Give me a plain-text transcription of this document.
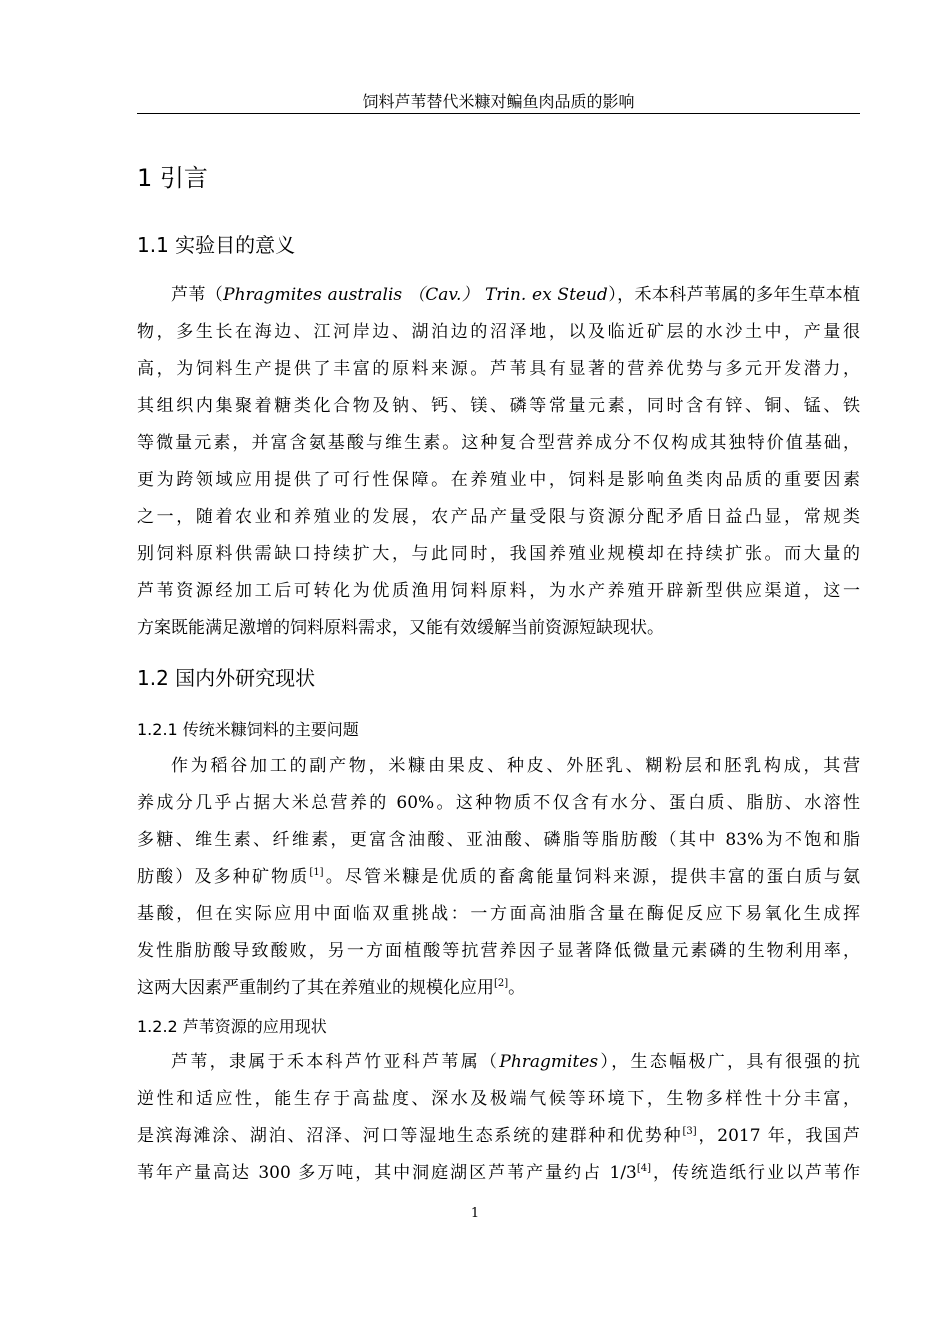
饲料芦苇替代米糠对鳊鱼肉品质的影响
1 引言
1.1 实验目的意义
芦苇（Phragmites australis （Cav.） Trin. ex Steud），禾本科芦苇属的多年生草本植
物，多生长在海边、江河岸边、湖泊边的沼泽地，以及临近矿层的水沙土中，产量很
高，为饲料生产提供了丰富的原料来源。芦苇具有显著的营养优势与多元开发潜力，
其组织内集聚着糖类化合物及钠、钙、镁、磷等常量元素，同时含有锌、铜、锰、铁
等微量元素，并富含氨基酸与维生素。这种复合型营养成分不仅构成其独特价值基础，
更为跨领域应用提供了可行性保障。在养殖业中，饲料是影响鱼类肉品质的重要因素
之一，随着农业和养殖业的发展，农产品产量受限与资源分配矛盾日益凸显，常规类
别饲料原料供需缺口持续扩大，与此同时，我国养殖业规模却在持续扩张。而大量的
芦苇资源经加工后可转化为优质渔用饲料原料，为水产养殖开辟新型供应渠道，这一
方案既能满足激增的饲料原料需求，又能有效缓解当前资源短缺现状。
1.2 国内外研究现状
1.2.1 传统米糠饲料的主要问题
作为稻谷加工的副产物，米糠由果皮、种皮、外胚乳、糊粉层和胚乳构成，其营
养成分几乎占据大米总营养的 60%。这种物质不仅含有水分、蛋白质、脂肪、水溶性
多糖、维生素、纤维素，更富含油酸、亚油酸、磷脂等脂肪酸（其中 83%为不饱和脂
肪酸）及多种矿物质[1]。尽管米糠是优质的畜禽能量饲料来源，提供丰富的蛋白质与氨
基酸，但在实际应用中面临双重挑战：一方面高油脂含量在酶促反应下易氧化生成挥
发性脂肪酸导致酸败，另一方面植酸等抗营养因子显著降低微量元素磷的生物利用率，
这两大因素严重制约了其在养殖业的规模化应用[2]。
1.2.2 芦苇资源的应用现状
芦苇，隶属于禾本科芦竹亚科芦苇属（Phragmites），生态幅极广，具有很强的抗
逆性和适应性，能生存于高盐度、深水及极端气候等环境下，生物多样性十分丰富，
是滨海滩涂、湖泊、沼泽、河口等湿地生态系统的建群种和优势种[3]，2017 年，我国芦
苇年产量高达 300 多万吨，其中洞庭湖区芦苇产量约占 1/3[4]，传统造纸行业以芦苇作
1
